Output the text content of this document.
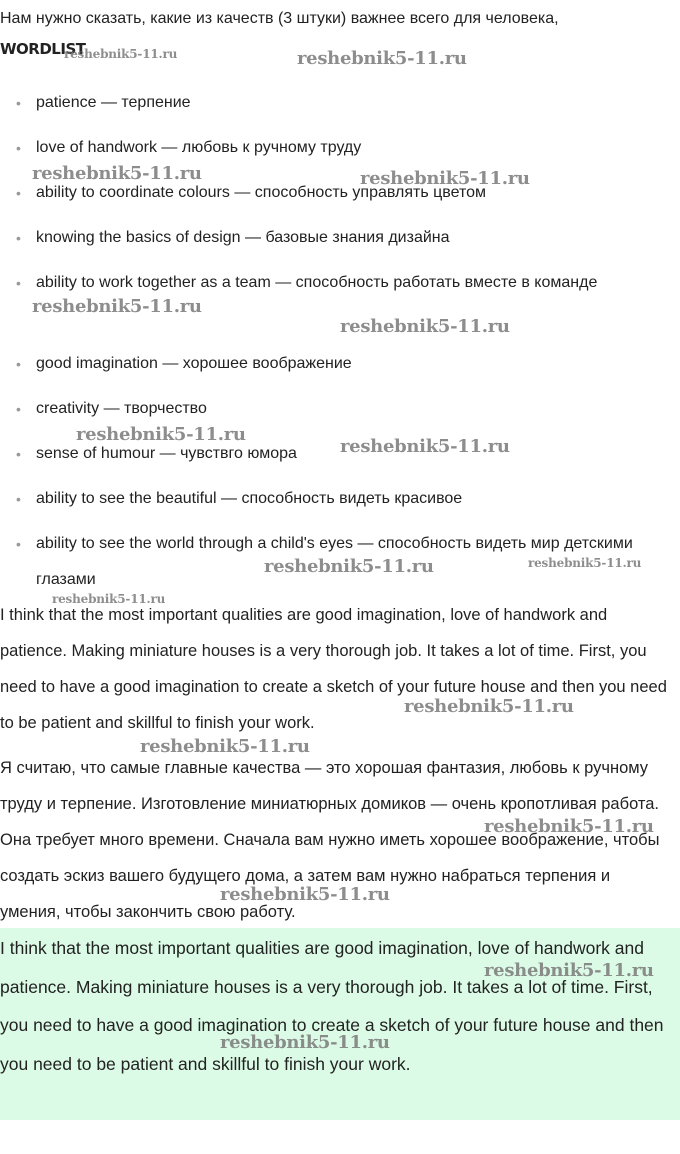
Нам нужно сказать, какие из качеств (3 штуки) важнее всего для человека,
WORDLIST
• patience — терпение
• love of handwork — любовь к ручному труду
• ability to coordinate colours — способность управлять цветом
• knowing the basics of design — базовые знания дизайна
• ability to work together as a team — способность работать вместе в команде
• good imagination — хорошее воображение
• creativity — творчество
• sense of humour — чувствго юмора
• ability to see the beautiful — способность видеть красивое
• ability to see the world through a child's eyes — способность видеть мир детскими глазами

I think that the most important qualities are good imagination, love of handwork and patience. Making miniature houses is a very thorough job. It takes a lot of time. First, you need to have a good imagination to create a sketch of your future house and then you need to be patient and skillful to finish your work.

Я считаю, что самые главные качества — это хорошая фантазия, любовь к ручному труду и терпение. Изготовление миниатюрных домиков — очень кропотливая работа. Она требует много времени. Сначала вам нужно иметь хорошее воображение, чтобы создать эскиз вашего будущего дома, а затем вам нужно набраться терпения и умения, чтобы закончить свою работу.

I think that the most important qualities are good imagination, love of handwork and patience. Making miniature houses is a very thorough job. It takes a lot of time. First, you need to have a good imagination to create a sketch of your future house and then you need to be patient and skillful to finish your work.

reshebnik5-11.ru	reshebnik5-11.ru
reshebnik5-11.ru	reshebnik5-11.ru
reshebnik5-11.ru
reshebnik5-11.ru
reshebnik5-11.ru
reshebnik5-11.ru
reshebnik5-11.ru	reshebnik5-11.ru
reshebnik5-11.ru
reshebnik5-11.ru
reshebnik5-11.ru
reshebnik5-11.ru
reshebnik5-11.ru
reshebnik5-11.ru
reshebnik5-11.ru
